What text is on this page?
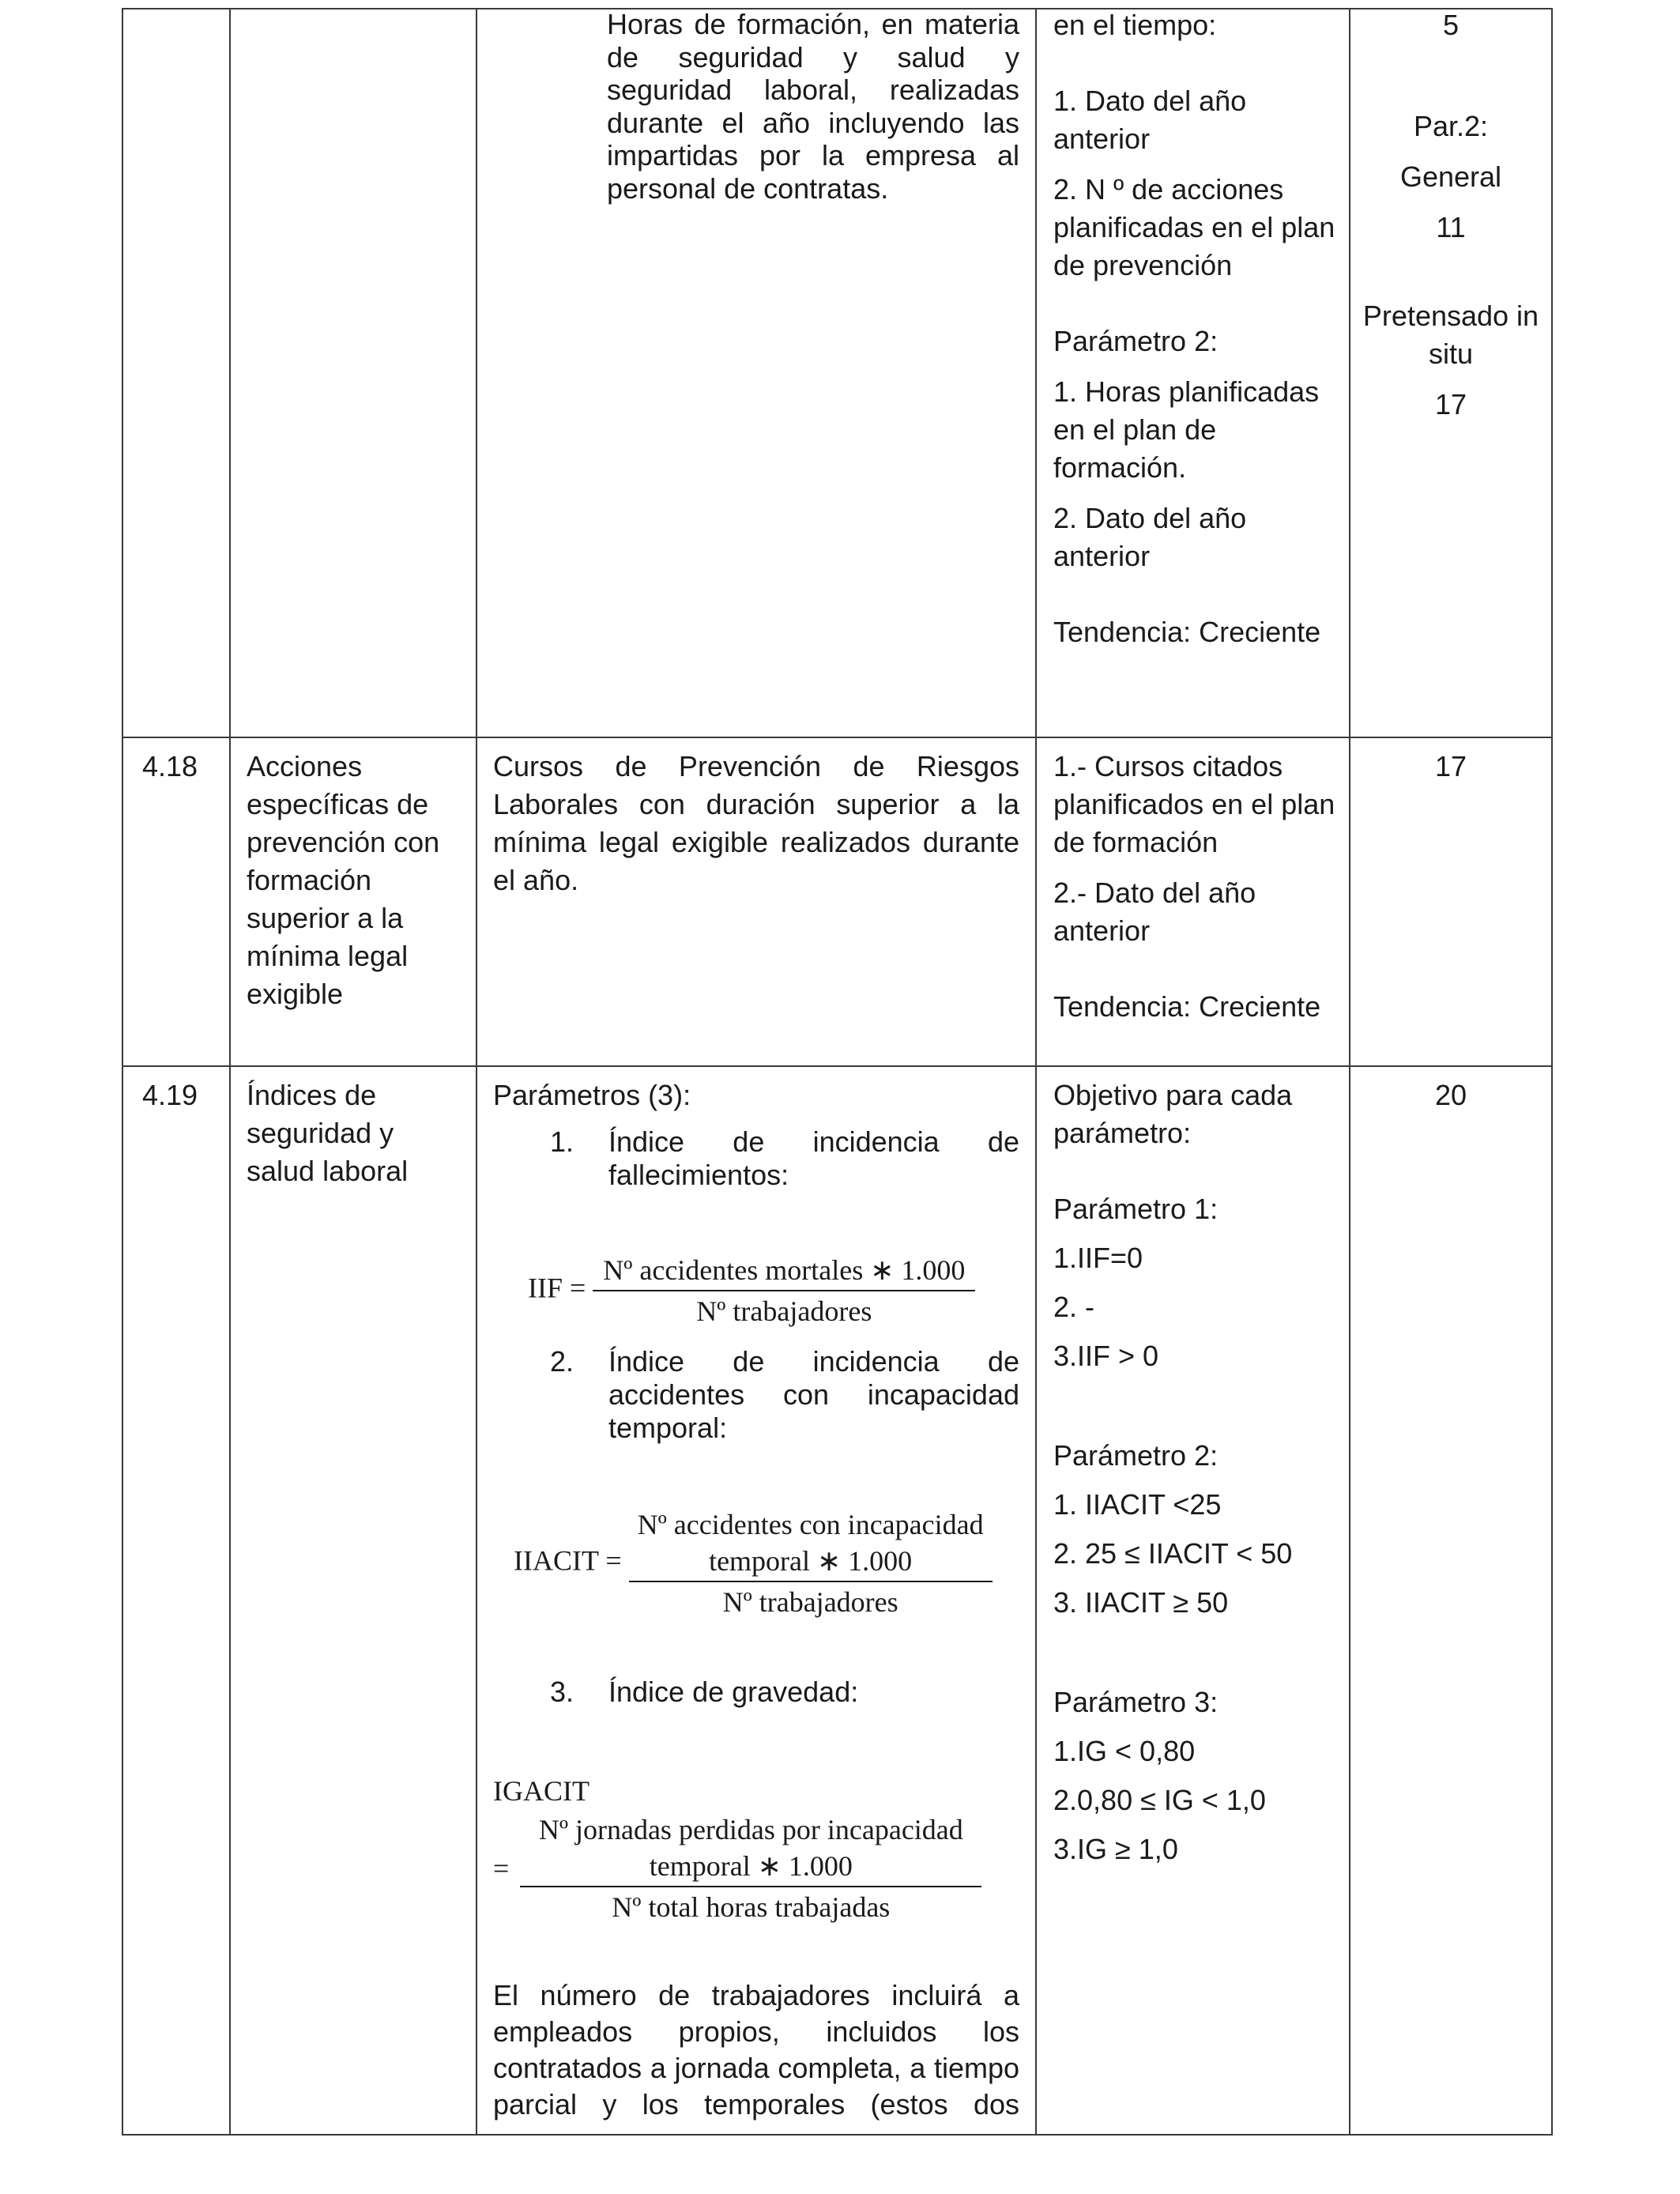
Horas de formación, en materia

de seguridad y salud y

seguridad laboral, realizadas

durante el año incluyendo las

impartidas por la empresa al

personal de contratas.

en el tiempo:

1. Dato del año anterior

2. N º de acciones planificadas en el plan de prevención

Parámetro 2:

1. Horas planificadas en el plan de formación.

2. Dato del año anterior

Tendencia: Creciente

5

Par.2:

General

11

Pretensado in situ

17

4.18 Acciones

específicas de

prevención con

formación

superior a la

mínima legal

exigible

Cursos de Prevención de Riesgos

Laborales con duración superior a la

mínima legal exigible realizados durante

el año.

1.- Cursos citados planificados en el plan de formación

2.- Dato del año anterior

Tendencia: Creciente

17

4.19 Índices de

seguridad y

salud laboral

Parámetros (3):

1. Índice de incidencia de

fallecimientos:

IIF = $\frac{\text{Nº accidentes mortales ∗ 1.000}}{\text{Nº trabajadores}}$
2. Índice de incidencia de

accidentes con incapacidad

temporal:

IIACIT = Nº accidentes con incapacidad
temporal ∗ 1.000
Nº trabajadores
3. Índice de gravedad:

IGACIT

=
Nº jornadas perdidas por incapacidad
temporal ∗ 1.000
Nº total horas trabajadas

El número de trabajadores incluirá a

empleados propios, incluidos los

contratados a jornada completa, a tiempo

parcial y los temporales (estos dos

Objetivo para cada parámetro:

Parámetro 1:

1.IIF=0

2. -

3.IIF > 0

Parámetro 2:

1. IIACIT <25

2. 25 ≤ IIACIT < 50

3. IIACIT ≥ 50

Parámetro 3:

1.IG < 0,80

2.0,80 ≤ IG < 1,0

3.IG ≥ 1,0

20
